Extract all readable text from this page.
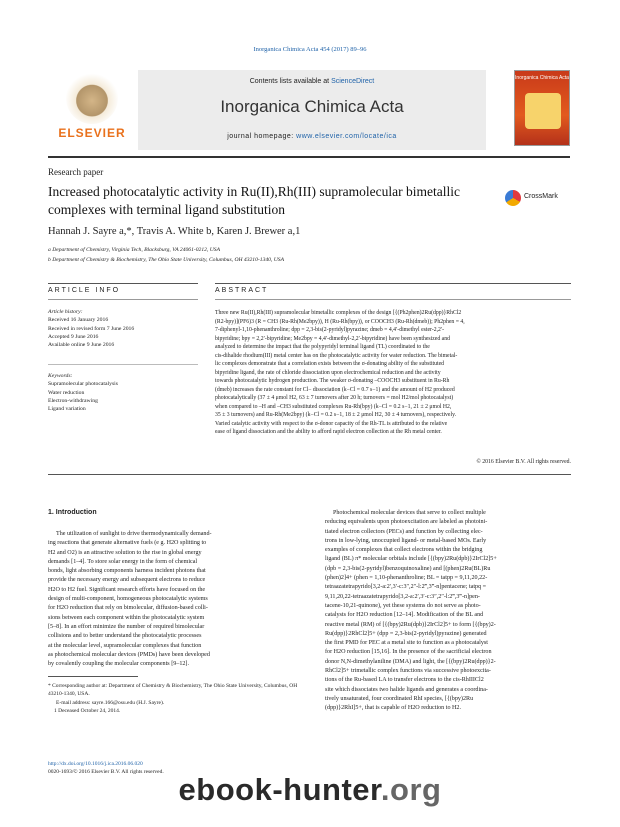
Inorganica Chimica Acta 454 (2017) 89–96
ELSEVIER
Contents lists available at ScienceDirect
Inorganica Chimica Acta
journal homepage: www.elsevier.com/locate/ica
Inorganica Chimica Acta
Research paper
Increased photocatalytic activity in Ru(II),Rh(III) supramolecular bimetallic complexes with terminal ligand substitution
CrossMark
Hannah J. Sayre a,*, Travis A. White b, Karen J. Brewer a,1
a Department of Chemistry, Virginia Tech, Blacksburg, VA 24061-0212, USA
b Department of Chemistry & Biochemistry, The Ohio State University, Columbus, OH 43210-1340, USA
ARTICLE INFO	ABSTRACT
Article history:
Received 16 January 2016
Received in revised form 7 June 2016
Accepted 9 June 2016
Available online 9 June 2016
Keywords:
Supramolecular photocatalysis
Water reduction
Electron-withdrawing
Ligand variation
Three new Ru(II),Rh(III) supramolecular bimetallic complexes of the design [{(Ph2phen)2Ru(dpp)}RhCl2
(R2-bpy)](PF6)3 (R = CH3 (Ru-Rh(Me2bpy)), H (Ru-Rh(bpy)), or COOCH3 (Ru-Rh(dmeb)); Ph2phen = 4,
7-diphenyl-1,10-phenanthroline; dpp = 2,3-bis(2-pyridyl)pyrazine; dmeb = 4,4′-dimethyl ester-2,2′-
bipyridine; bpy = 2,2′-bipyridine; Me2bpy = 4,4′-dimethyl-2,2′-bipyridine) have been synthesized and
analyzed to determine the impact that the polypyridyl terminal ligand (TL) coordinated to the
cis-dihalide rhodium(III) metal center has on the photocatalytic activity for water reduction. The bimetal-
lic complexes demonstrate that a correlation exists between the σ-donating ability of the substituted
bipyridine ligand, the rate of chloride dissociation upon electrochemical reduction and the activity
towards photocatalytic hydrogen production. The weaker σ-donating –COOCH3 substituent in Ru-Rh
(dmeb) increases the rate constant for Cl− dissociation (k−Cl = 0.7 s−1) and the amount of H2 produced
photocatalytically (37 ± 4 μmol H2, 63 ± 7 turnovers after 20 h; turnovers = mol H2/mol photocatalyst)
when compared to –H and –CH3 substituted complexes Ru-Rh(bpy) (k−Cl = 0.2 s−1, 21 ± 2 μmol H2,
35 ± 3 turnovers) and Ru-Rh(Me2bpy) (k−Cl = 0.2 s−1, 18 ± 2 μmol H2, 30 ± 4 turnovers), respectively.
Varied catalytic activity with respect to the σ-donor capacity of the Rh-TL is attributed to the relative
ease of ligand dissociation and the ability to afford rapid electron collection at the Rh metal center.
© 2016 Elsevier B.V. All rights reserved.
1. Introduction
The utilization of sunlight to drive thermodynamically demand-
ing reactions that generate alternative fuels (e g. H2O splitting to
H2 and O2) is an attractive solution to the rise in global energy
demands [1–4]. To store solar energy in the form of chemical
bonds, light absorbing components harness incident photons that
provide the necessary energy and subsequent electrons to reduce
H2O to H2 fuel. Significant research efforts have focused on the
design of multi-component, homogeneous photocatalytic systems
for H2O reduction that rely on bimolecular, diffusion-based colli-
sions between each component within the photocatalytic system
[5–8]. In an effort minimize the number of required bimolecular
collisions and to better understand the photocatalytic processes
at the molecular level, supramolecular complexes that function
as photochemical molecular devices (PMDs) have been developed
by covalently coupling the molecular components [9–12].
Photochemical molecular devices that serve to collect multiple
reducing equivalents upon photoexcitation are labeled as photoini-
tiated electron collectors (PECs) and function by collecting elec-
trons in low-lying, unoccupied ligand- or metal-based MOs. Early
examples of complexes that collect electrons within the bridging
ligand (BL) π* molecular orbitals include [{(bpy)2Ru(dpb)}2IrCl2]5+
(dpb = 2,3-bis(2-pyridyl)benzoquinoxaline) and [(phen)2Ru(BL)Ru
(phen)2]4+ (phen = 1,10-phenanthroline; BL = tatpp = 9,11,20,22-
tetraazatetrapyrido[3,2-a:2′,3′-c:3″,2″-l:2‴,3‴-n]pentacene; tatpq =
9,11,20,22-tetraazatetrapyrido[3,2-a:2′,3′-c:3″,2″-l:2‴,3‴-n]pen-
tacene-10,21-quinone), yet these systems do not serve as photo-
catalysts for H2O reduction [12–14]. Modification of the BL and
reactive metal (RM) of [{(bpy)2Ru(dpb)}2IrCl2]5+ to form [{(bpy)2-
Ru(dpp)}2RhCl2]5+ (dpp = 2,3-bis(2-pyridyl)pyrazine) generated
the first PMD for PEC at a metal site to function as a photocatalyst
for H2O reduction [15,16]. In the presence of the sacrificial electron
donor N,N-dimethylaniline (DMA) and light, the [{(bpy)2Ru(dpp)}2-
RhCl2]5+ trimetallic complex functions via successive photoexcita-
tions of the Ru-based LA to transfer electrons to the cis-RhIIICl2
site which dissociates two halide ligands and generates a coordina-
tively unsaturated, four coordinated RhI species, [{(bpy)2Ru
(dpp)}2RhI]5+, that is capable of H2O reduction to H2.
* Corresponding author at: Department of Chemistry & Biochemistry, The Ohio State University, Columbus, OH 43210-1340, USA.
E-mail address: sayre.166@osu.edu (H.J. Sayre).
1 Deceased October 24, 2014.
http://dx.doi.org/10.1016/j.ica.2016.06.020
0020-1693/© 2016 Elsevier B.V. All rights reserved. ebook-hunter.org
